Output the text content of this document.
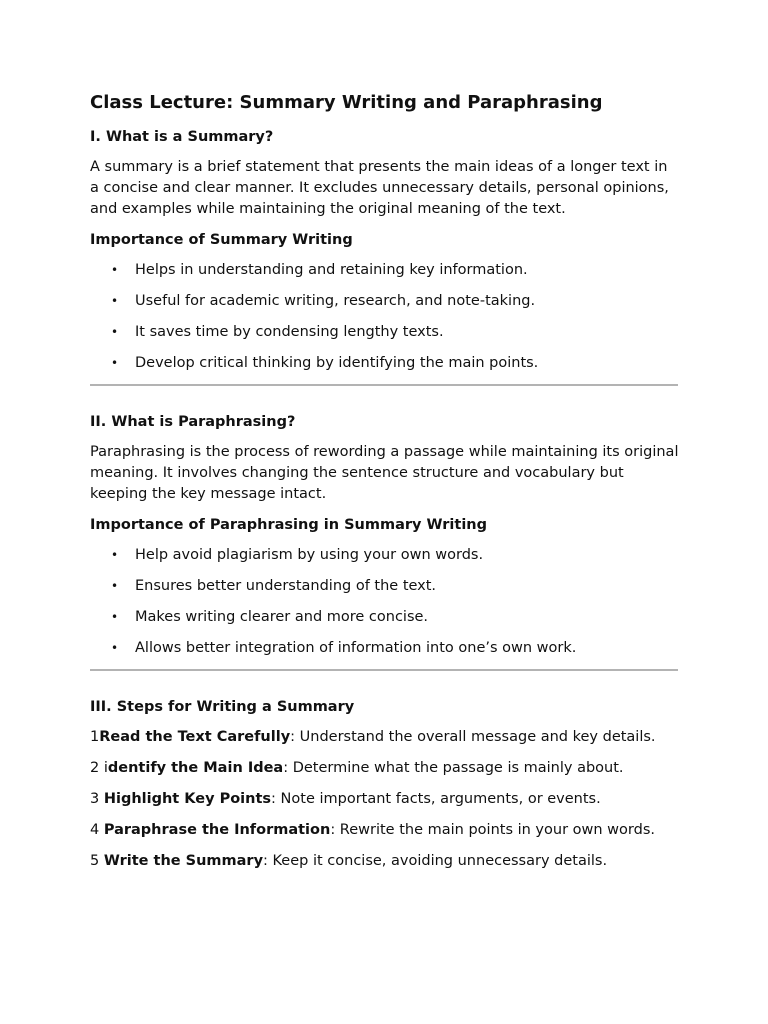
Class Lecture: Summary Writing and Paraphrasing
I. What is a Summary?

A summary is a brief statement that presents the main ideas of a longer text in a concise and clear manner. It excludes unnecessary details, personal opinions, and examples while maintaining the original meaning of the text.

Importance of Summary Writing
• Helps in understanding and retaining key information.
• Useful for academic writing, research, and note-taking.
• It saves time by condensing lengthy texts.
• Develop critical thinking by identifying the main points.
II. What is Paraphrasing?

Paraphrasing is the process of rewording a passage while maintaining its original meaning. It involves changing the sentence structure and vocabulary but keeping the key message intact.

Importance of Paraphrasing in Summary Writing
• Help avoid plagiarism by using your own words.
• Ensures better understanding of the text.
• Makes writing clearer and more concise.
• Allows better integration of information into one’s own work.
III. Steps for Writing a Summary
1Read the Text Carefully: Understand the overall message and key details.
2 identify the Main Idea: Determine what the passage is mainly about.
3 Highlight Key Points: Note important facts, arguments, or events.
4 Paraphrase the Information: Rewrite the main points in your own words.
5 Write the Summary: Keep it concise, avoiding unnecessary details.
